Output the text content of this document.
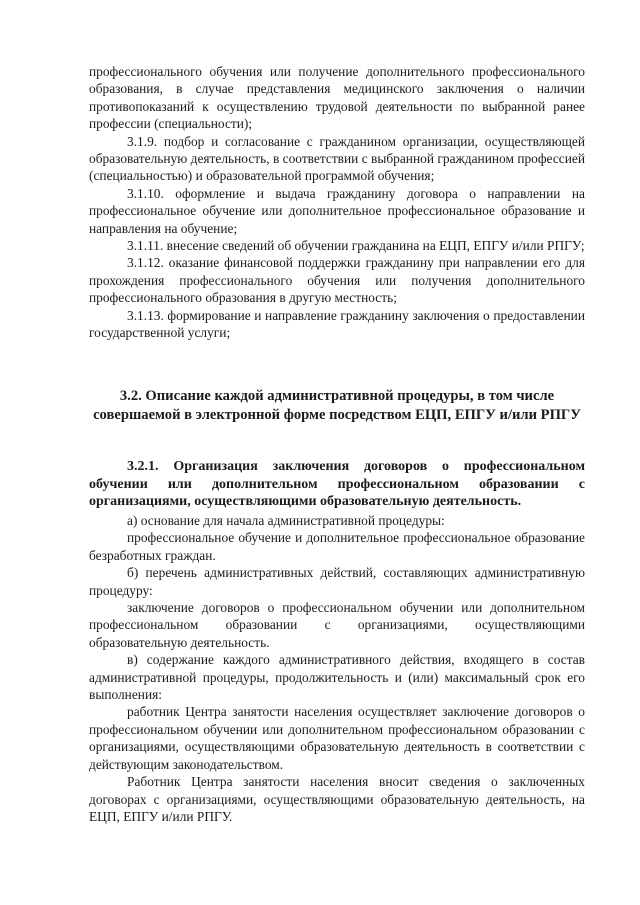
профессионального обучения или получение дополнительного профессионального образования, в случае представления медицинского заключения о наличии противопоказаний к осуществлению трудовой деятельности по выбранной ранее профессии (специальности);

3.1.9. подбор и согласование с гражданином организации, осуществляющей образовательную деятельность, в соответствии с выбранной гражданином профессией (специальностью) и образовательной программой обучения;

3.1.10. оформление и выдача гражданину договора о направлении на профессиональное обучение или дополнительное профессиональное образование и направления на обучение;

3.1.11. внесение сведений об обучении гражданина на ЕЦП, ЕПГУ и/или РПГУ;

3.1.12. оказание финансовой поддержки гражданину при направлении его для прохождения профессионального обучения или получения дополнительного профессионального образования в другую местность;

3.1.13. формирование и направление гражданину заключения о предоставлении государственной услуги;

3.2. Описание каждой административной процедуры, в том числе совершаемой в электронной форме посредством ЕЦП, ЕПГУ и/или РПГУ
3.2.1. Организация заключения договоров о профессиональном обучении или дополнительном профессиональном образовании с организациями, осуществляющими образовательную деятельность.

а) основание для начала административной процедуры:

профессиональное обучение и дополнительное профессиональное образование безработных граждан.

б) перечень административных действий, составляющих административную процедуру:

заключение договоров о профессиональном обучении или дополнительном профессиональном образовании с организациями, осуществляющими образовательную деятельность.

в) содержание каждого административного действия, входящего в состав административной процедуры, продолжительность и (или) максимальный срок его выполнения:

работник Центра занятости населения осуществляет заключение договоров о профессиональном обучении или дополнительном профессиональном образовании с организациями, осуществляющими образовательную деятельность в соответствии с действующим законодательством.

Работник Центра занятости населения вносит сведения о заключенных договорах с организациями, осуществляющими образовательную деятельность, на ЕЦП, ЕПГУ и/или РПГУ.
